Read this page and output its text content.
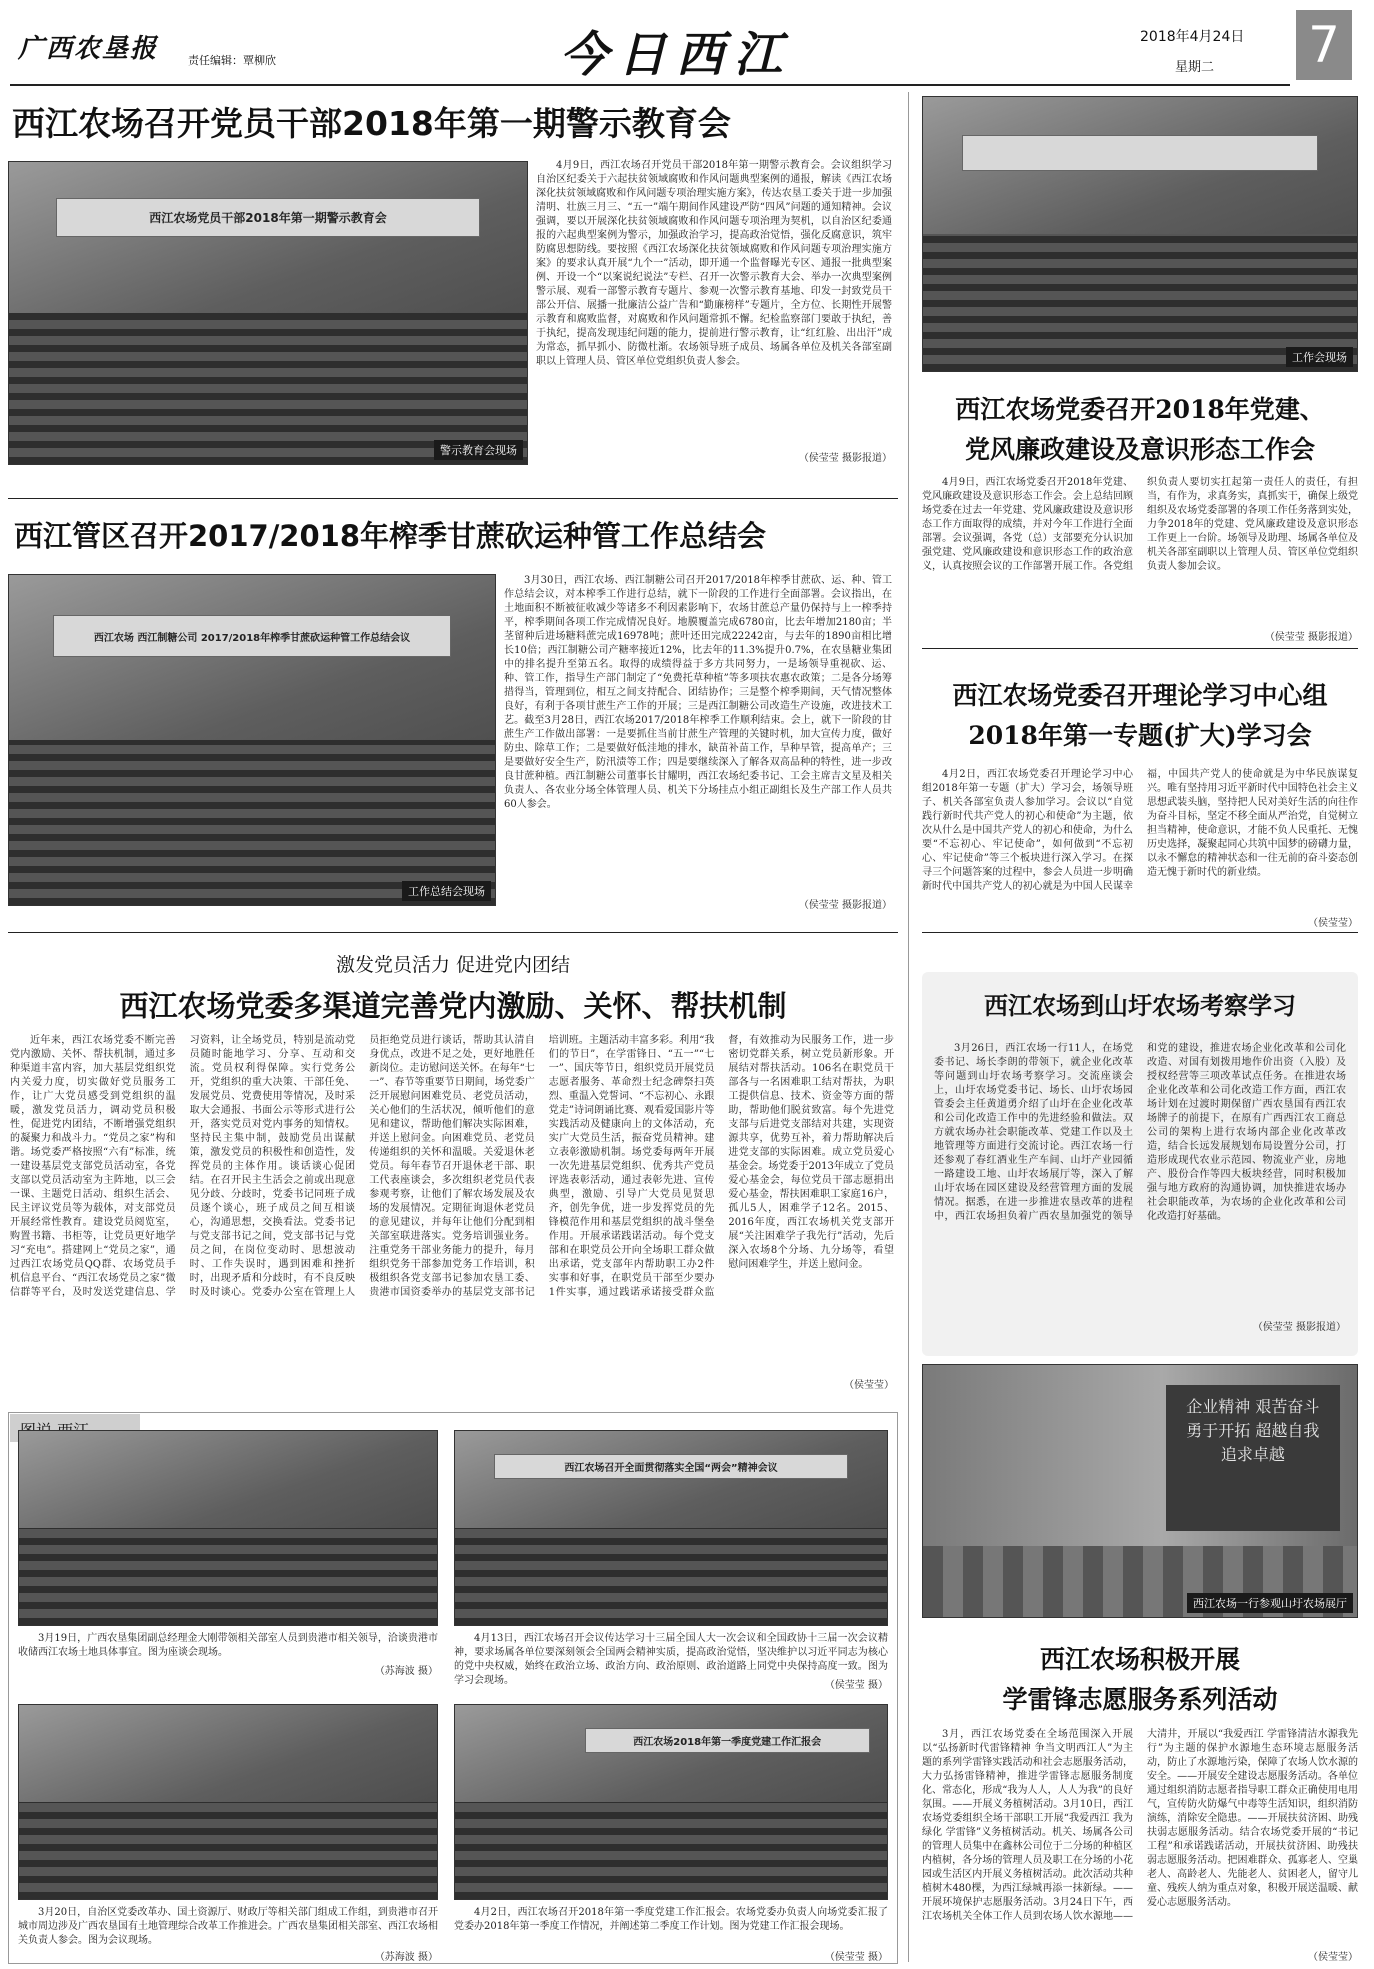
广西农垦报	责任编辑：覃柳欣	今日西江	2018年4月24日
星期二 7
西江农场召开党员干部2018年第一期警示教育会
西江农场党员干部2018年第一期警示教育会
警示教育会现场

4月9日，西江农场召开党员干部2018年第一期警示教育会。会议组织学习自治区纪委关于六起扶贫领域腐败和作风问题典型案例的通报，解读《西江农场深化扶贫领域腐败和作风问题专项治理实施方案》，传达农垦工委关于进一步加强清明、壮族三月三、“五一”端午期间作风建设严防“四风”问题的通知精神。会议强调，要以开展深化扶贫领域腐败和作风问题专项治理为契机，以自治区纪委通报的六起典型案例为警示，加强政治学习，提高政治觉悟，强化反腐意识，筑牢防腐思想防线。要按照《西江农场深化扶贫领域腐败和作风问题专项治理实施方案》的要求认真开展“九个一”活动，即开通一个监督曝光专区、通报一批典型案例、开设一个“以案说纪说法”专栏、召开一次警示教育大会、举办一次典型案例警示展、观看一部警示教育专题片、参观一次警示教育基地、印发一封致党员干部公开信、展播一批廉洁公益广告和“勤廉榜样”专题片，全方位、长期性开展警示教育和腐败监督，对腐败和作风问题常抓不懈。纪检监察部门要敢于执纪，善于执纪，提高发现违纪问题的能力，提前进行警示教育，让“红红脸、出出汗”成为常态，抓早抓小、防微杜渐。农场领导班子成员、场属各单位及机关各部室副职以上管理人员、管区单位党组织负责人参会。

（侯莹莹 摄影报道）
工作会现场
西江农场党委召开2018年党建、
党风廉政建设及意识形态工作会

4月9日，西江农场党委召开2018年党建、党风廉政建设及意识形态工作会。会上总结回顾场党委在过去一年党建、党风廉政建设及意识形态工作方面取得的成绩，并对今年工作进行全面部署。会议强调，各党（总）支部要充分认识加强党建、党风廉政建设和意识形态工作的政治意义，认真按照会议的工作部署开展工作。各党组织负责人要切实扛起第一责任人的责任，有担当，有作为，求真务实，真抓实干，确保上级党组织及农场党委部署的各项工作任务落到实处，力争2018年的党建、党风廉政建设及意识形态工作更上一台阶。场领导及助理、场属各单位及机关各部室副职以上管理人员、管区单位党组织负责人参加会议。

（侯莹莹 摄影报道）
西江管区召开2017/2018年榨季甘蔗砍运种管工作总结会
西江农场 西江制糖公司 2017/2018年榨季甘蔗砍运种管工作总结会议
工作总结会现场

3月30日，西江农场、西江制糖公司召开2017/2018年榨季甘蔗砍、运、种、管工作总结会议，对本榨季工作进行总结，就下一阶段的工作进行全面部署。会议指出，在土地面积不断被征收减少等诸多不利因素影响下，农场甘蔗总产量仍保持与上一榨季持平，榨季期间各项工作完成情况良好。地膜覆盖完成6780亩，比去年增加2180亩；半茎留种后进场糖料蔗完成16978吨；蔗叶还田完成22242亩，与去年的1890亩相比增长10倍；西江制糖公司产糖率接近12%，比去年的11.3%提升0.7%，在农垦糖业集团中的排名提升至第五名。取得的成绩得益于多方共同努力，一是场领导重视砍、运、种、管工作，指导生产部门制定了“免费托草种植”等多项扶农惠农政策；二是各分场筹措得当，管理到位，相互之间支持配合、团结协作；三是整个榨季期间，天气情况整体良好，有利于各项甘蔗生产工作的开展；三是西江制糖公司改造生产设施，改进技术工艺。截至3月28日，西江农场2017/2018年榨季工作顺利结束。会上，就下一阶段的甘蔗生产工作做出部署：一是要抓住当前甘蔗生产管理的关键时机，加大宣传力度，做好防虫、除草工作；二是要做好低洼地的排水，缺苗补苗工作，旱种早管，提高单产；三是要做好安全生产，防汛渍等工作；四是要继续深入了解各双高品种的特性，进一步改良甘蔗种植。西江制糖公司董事长甘耀明，西江农场纪委书记、工会主席吉文星及相关负责人、各农业分场全体管理人员、机关下分场挂点小组正副组长及生产部工作人员共60人参会。

（侯莹莹 摄影报道）
西江农场党委召开理论学习中心组
2018年第一专题(扩大)学习会

4月2日，西江农场党委召开理论学习中心组2018年第一专题（扩大）学习会，场领导班子、机关各部室负责人参加学习。会议以“自觉践行新时代共产党人的初心和使命”为主题，依次从什么是中国共产党人的初心和使命，为什么要“不忘初心、牢记使命”，如何做到“不忘初心、牢记使命”等三个板块进行深入学习。在探寻三个问题答案的过程中，参会人员进一步明确新时代中国共产党人的初心就是为中国人民谋幸福，中国共产党人的使命就是为中华民族谋复兴。唯有坚持用习近平新时代中国特色社会主义思想武装头脑，坚持把人民对美好生活的向往作为奋斗目标，坚定不移全面从严治党，自觉树立担当精神，使命意识，才能不负人民重托、无愧历史选择，凝聚起同心共筑中国梦的磅礴力量，以永不懈怠的精神状态和一往无前的奋斗姿态创造无愧于新时代的新业绩。

（侯莹莹）
激发党员活力 促进党内团结
西江农场党委多渠道完善党内激励、关怀、帮扶机制

近年来，西江农场党委不断完善党内激励、关怀、帮扶机制，通过多种渠道丰富内容，加大基层党组织党内关爱力度，切实做好党员服务工作，让广大党员感受到党组织的温暖，激发党员活力，调动党员积极性，促进党内团结，不断增强党组织的凝聚力和战斗力。“党员之家”构和谐。场党委严格按照“六有”标准，统一建设基层党支部党员活动室，各党支部以党员活动室为主阵地，以三会一课、主题党日活动、组织生活会、民主评议党员等为载体，对支部党员开展经常性教育。建设党员阅览室，购置书籍、书柜等，让党员更好地学习“充电”。搭建网上“党员之家”，通过西江农场党员QQ群、农场党员手机信息平台、“西江农场党员之家”微信群等平台，及时发送党建信息、学习资料，让全场党员，特别是流动党员随时能地学习、分享、互动和交流。党员权利得保障。实行党务公开，党组织的重大决策、干部任免、发展党员、党费使用等情况，及时采取大会通报、书面公示等形式进行公开，落实党员对党内事务的知情权。坚持民主集中制，鼓励党员出谋献策，激发党员的积极性和创造性，发挥党员的主体作用。谈话谈心促团结。在召开民主生活会之前或出现意见分歧、分歧时，党委书记同班子成员逐个谈心，班子成员之间互相谈心，沟通思想，交换看法。党委书记与党支部书记之间，党支部书记与党员之间，在岗位变动时、思想波动时、工作失误时，遇到困难和挫折时，出现矛盾和分歧时，有不良反映时及时谈心。党委办公室在管理上人员拒绝党员进行谈话，帮助其认清自身优点，改进不足之处，更好地胜任新岗位。走访慰问送关怀。在每年“七一”、春节等重要节日期间，场党委广泛开展慰问困难党员、老党员活动，关心他们的生活状况，倾听他们的意见和建议，帮助他们解决实际困难，并送上慰问金。向困难党员、老党员传递组织的关怀和温暖。关爱退休老党员。每年春节召开退休老干部、职工代表座谈会，多次组织老党员代表参观考察，让他们了解农场发展及农场的发展情况。定期征询退休老党员的意见建议，并每年让他们分配到相关部室联进落实。党务培训强业务。注重党务干部业务能力的提升，每月组织党务干部参加党务工作培训，积极组织各党支部书记参加农垦工委、贵港市国资委举办的基层党支部书记培训班。主题活动丰富多彩。利用“我们的节日”，在学雷锋日、“五一”“七一”、国庆等节日，组织党员开展党员志愿者服务、革命烈士纪念碑祭扫英烈、重温入党誓词、“不忘初心、永跟党走”诗词朗诵比赛、观看爱国影片等实践活动及健康向上的文体活动，充实广大党员生活，振奋党员精神。建立表彰激励机制。场党委每两年开展一次先进基层党组织、优秀共产党员评选表彰活动，通过表彰先进、宣传典型，激励、引导广大党员见贤思齐，创先争优，进一步发挥党员的先锋模范作用和基层党组织的战斗堡垒作用。开展承诺践诺活动。每个党支部和在职党员公开向全场职工群众做出承诺，党支部年内帮助职工办2件实事和好事，在职党员干部至少要办1件实事，通过践诺承诺接受群众监督，有效推动为民服务工作，进一步密切党群关系，树立党员新形象。开展结对帮扶活动。106名在职党员干部各与一名困难职工结对帮扶，为职工提供信息、技术、资金等方面的帮助，帮助他们脱贫致富。每个先进党支部与后进党支部结对共建，实现资源共享，优势互补，着力帮助解决后进党支部的实际困难。成立党员爱心基金会。场党委于2013年成立了党员爱心基金会，每位党员干部志愿捐出爱心基金，帮扶困难职工家庭16户，孤儿5人，困难学子12名。2015、2016年度，西江农场机关党支部开展“关注困难学子我先行”活动，先后深入农场8个分场、九分场等，看望慰问困难学生，并送上慰问金。

（侯莹莹）
西江农场到山圩农场考察学习

3月26日，西江农场一行11人，在场党委书记、场长李朗的带领下，就企业化改革等问题到山圩农场考察学习。交流座谈会上，山圩农场党委书记、场长、山圩农场园管委会主任黄道勇介绍了山圩在企业化改革和公司化改造工作中的先进经验和做法。双方就农场办社会职能改革、党建工作以及土地管理等方面进行交流讨论。西江农场一行还参观了春红酒业生产车间、山圩产业园循一路建设工地、山圩农场展厅等，深入了解山圩农场在园区建设及经营管理方面的发展情况。据悉，在进一步推进农垦改革的进程中，西江农场担负着广西农垦加强党的领导和党的建设，推进农场企业化改革和公司化改造、对国有划拨用地作价出资（入股）及授权经营等三项改革试点任务。在推进农场企业化改革和公司化改造工作方面，西江农场计划在过渡时期保留广西农垦国有西江农场牌子的前提下，在原有广西西江农工商总公司的架构上进行农场内部企业化改革改造，结合长远发展规划布局设置分公司，打造形成现代农业示范园、物流业产业，房地产、股份合作等四大板块经营，同时积极加强与地方政府的沟通协调，加快推进农场办社会职能改革，为农场的企业化改革和公司化改造打好基础。

（侯莹莹 摄影报道）
企业精神 艰苦奋斗 勇于开拓 超越自我 追求卓越
西江农场一行参观山圩农场展厅
西江农场积极开展
学雷锋志愿服务系列活动

3月，西江农场党委在全场范围深入开展以“弘扬新时代雷锋精神 争当文明西江人”为主题的系列学雷锋实践活动和社会志愿服务活动，大力弘扬雷锋精神，推进学雷锋志愿服务制度化、常态化，形成“我为人人，人人为我”的良好氛围。——开展义务植树活动。3月10日，西江农场党委组织全场干部职工开展“我爱西江 我为绿化 学雷锋”义务植树活动。机关、场属各公司的管理人员集中在鑫林公司位于二分场的种植区内植树，各分场的管理人员及职工在分场的小花园或生活区内开展义务植树活动。此次活动共种植树木480棵，为西江绿城再添一抹新绿。——开展环境保护志愿服务活动。3月24日下午，西江农场机关全体工作人员到农场人饮水源地——大清井，开展以“我爱西江 学雷锋清洁水源我先行”为主题的保护水源地生态环境志愿服务活动，防止了水源地污染，保障了农场人饮水源的安全。——开展安全建设志愿服务活动。各单位通过组织消防志愿者指导职工群众正确使用电用气，宣传防火防爆气中毒等生活知识，组织消防演练，消除安全隐患。——开展扶贫济困、助残扶弱志愿服务活动。结合农场党委开展的“书记工程”和承诺践诺活动，开展扶贫济困、助残扶弱志愿服务活动。把困难群众、孤寡老人、空巢老人、高龄老人、先能老人、贫困老人，留守儿童、残疾人纳为重点对象，积极开展送温暖、献爱心志愿服务活动。

（侯莹莹）

3月19日，广西农垦集团副总经理金大刚带领相关部室人员到贵港市相关领导，洽谈贵港市收储西江农场土地具体事宜。图为座谈会现场。

（苏海波 摄）
西江农场召开全面贯彻落实全国“两会”精神会议

4月13日，西江农场召开会议传达学习十三届全国人大一次会议和全国政协十三届一次会议精神，要求场属各单位要深刻领会全国两会精神实质，提高政治觉悟，坚决维护以习近平同志为核心的党中央权威，始终在政治立场、政治方向、政治原则、政治道路上同党中央保持高度一致。图为学习会现场。	（侯莹莹 摄）

3月20日，自治区党委改革办、国土资源厅、财政厅等相关部门组成工作组，到贵港市召开城市周边涉及广西农垦国有土地管理综合改革工作推进会。广西农垦集团相关部室、西江农场相关负责人参会。图为会议现场。

（苏海波 摄）
西江农场2018年第一季度党建工作汇报会

4月2日，西江农场召开2018年第一季度党建工作汇报会。农场党委办负责人向场党委汇报了党委办2018年第一季度工作情况，并阐述第二季度工作计划。图为党建工作汇报会现场。

（侯莹莹 摄）
